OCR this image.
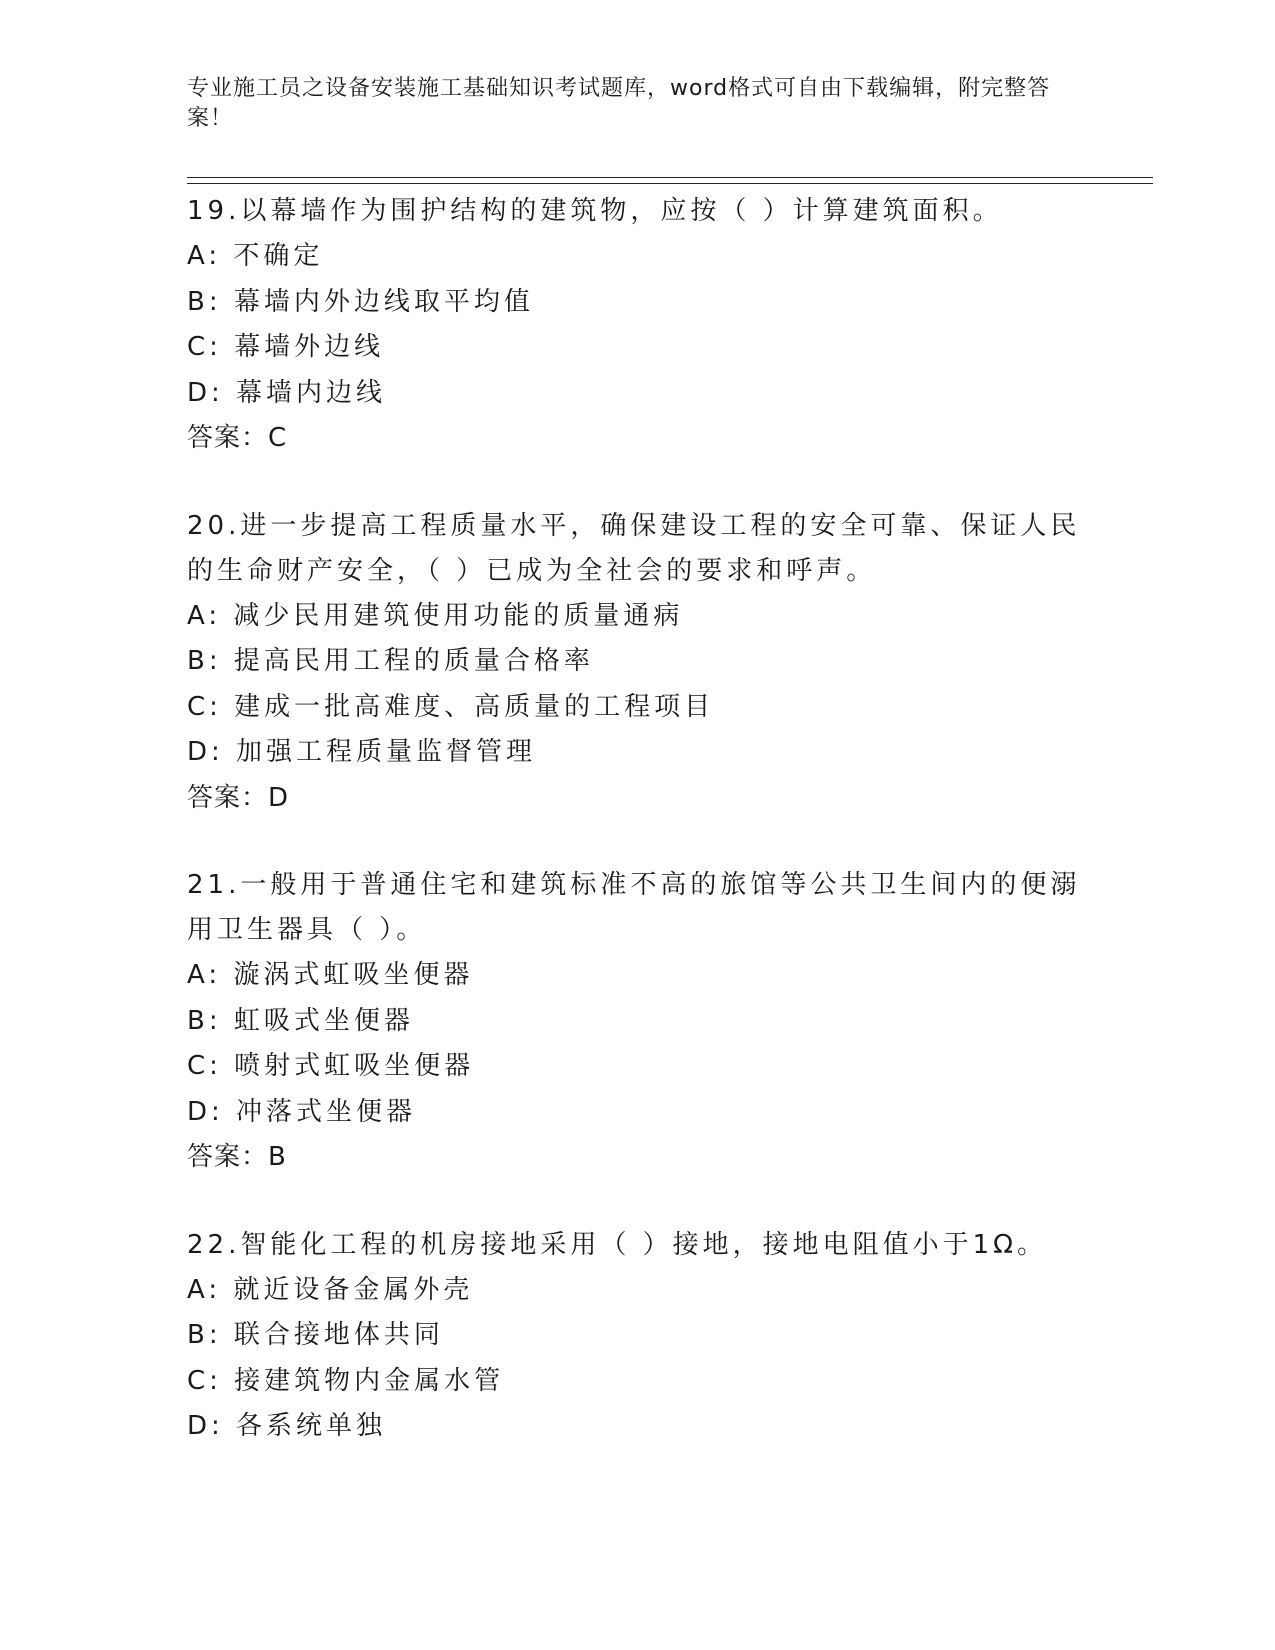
专业施工员之设备安装施工基础知识考试题库，word格式可自由下载编辑，附完整答案！

19.以幕墙作为围护结构的建筑物，应按（ ）计算建筑面积。

A: 不确定

B: 幕墙内外边线取平均值

C: 幕墙外边线

D: 幕墙内边线

答案：C

20.进一步提高工程质量水平，确保建设工程的安全可靠、保证人民的生命财产安全，（ ）已成为全社会的要求和呼声。

A: 减少民用建筑使用功能的质量通病

B: 提高民用工程的质量合格率

C: 建成一批高难度、高质量的工程项目

D: 加强工程质量监督管理

答案：D

21.一般用于普通住宅和建筑标准不高的旅馆等公共卫生间内的便溺用卫生器具（ ）。

A: 漩涡式虹吸坐便器

B: 虹吸式坐便器

C: 喷射式虹吸坐便器

D: 冲落式坐便器

答案：B

22.智能化工程的机房接地采用（ ）接地，接地电阻值小于1Ω。

A: 就近设备金属外壳

B: 联合接地体共同

C: 接建筑物内金属水管

D: 各系统单独
